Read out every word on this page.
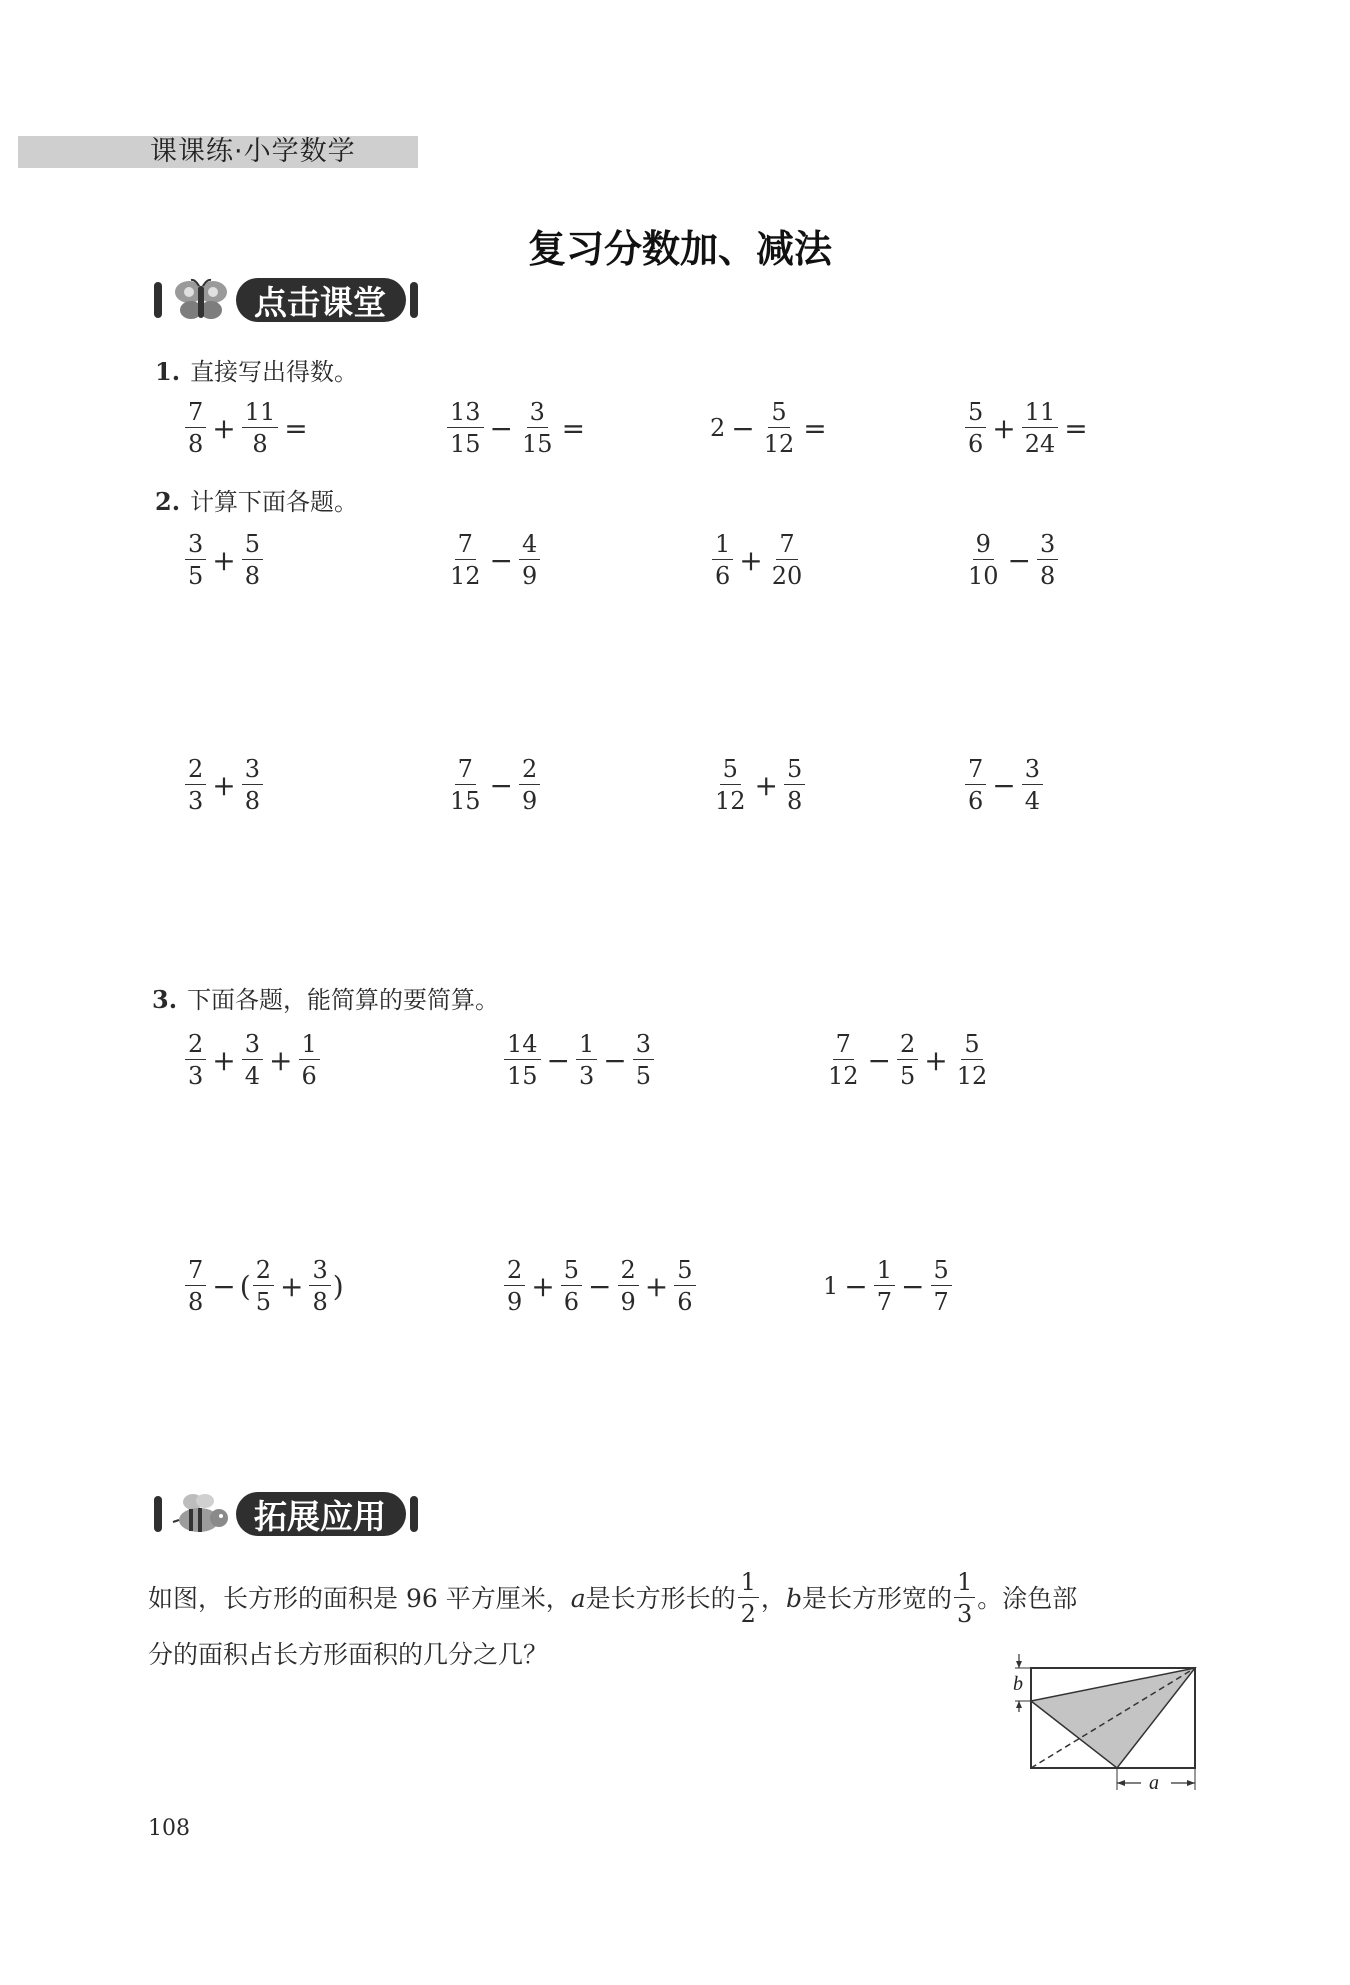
课课练·小学数学
复习分数加、减法
点击课堂
1. 直接写出得数。
$\frac{7}{8} + \frac{11}{8}$ =	$\frac{13}{15} - \frac{3}{15}$ =	$2 - \frac{5}{12}$ =	$\frac{5}{6} + \frac{11}{24}$ =
2. 计算下面各题。
$\frac{3}{5} + \frac{5}{8}$	$\frac{7}{12} - \frac{4}{9}$	$\frac{1}{6} + \frac{7}{20}$	$\frac{9}{10} - \frac{3}{8}$
$\frac{2}{3} + \frac{3}{8}$	$\frac{7}{15} - \frac{2}{9}$	$\frac{5}{12} + \frac{5}{8}$	$\frac{7}{6} - \frac{3}{4}$
3. 下面各题，能简算的要简算。
$\frac{2}{3} + \frac{3}{4} + \frac{1}{6}$	$\frac{14}{15} - \frac{1}{3} - \frac{3}{5}$	$\frac{7}{12} - \frac{2}{5} + \frac{5}{12}$
$\frac{7}{8}$ − ( $\frac{2}{5} + \frac{3}{8}$ )	$\frac{2}{9} + \frac{5}{6} - \frac{2}{9} + \frac{5}{6}$	$1 - \frac{1}{7} - \frac{5}{7}$
拓展应用
如图，长方形的面积是 96 平方厘米， a 是长方形长的 $\frac{1}{2}$ ， b 是长方形宽的 $\frac{1}{3}$ 。涂色部
分的面积占长方形面积的几分之几？
b
a
108
